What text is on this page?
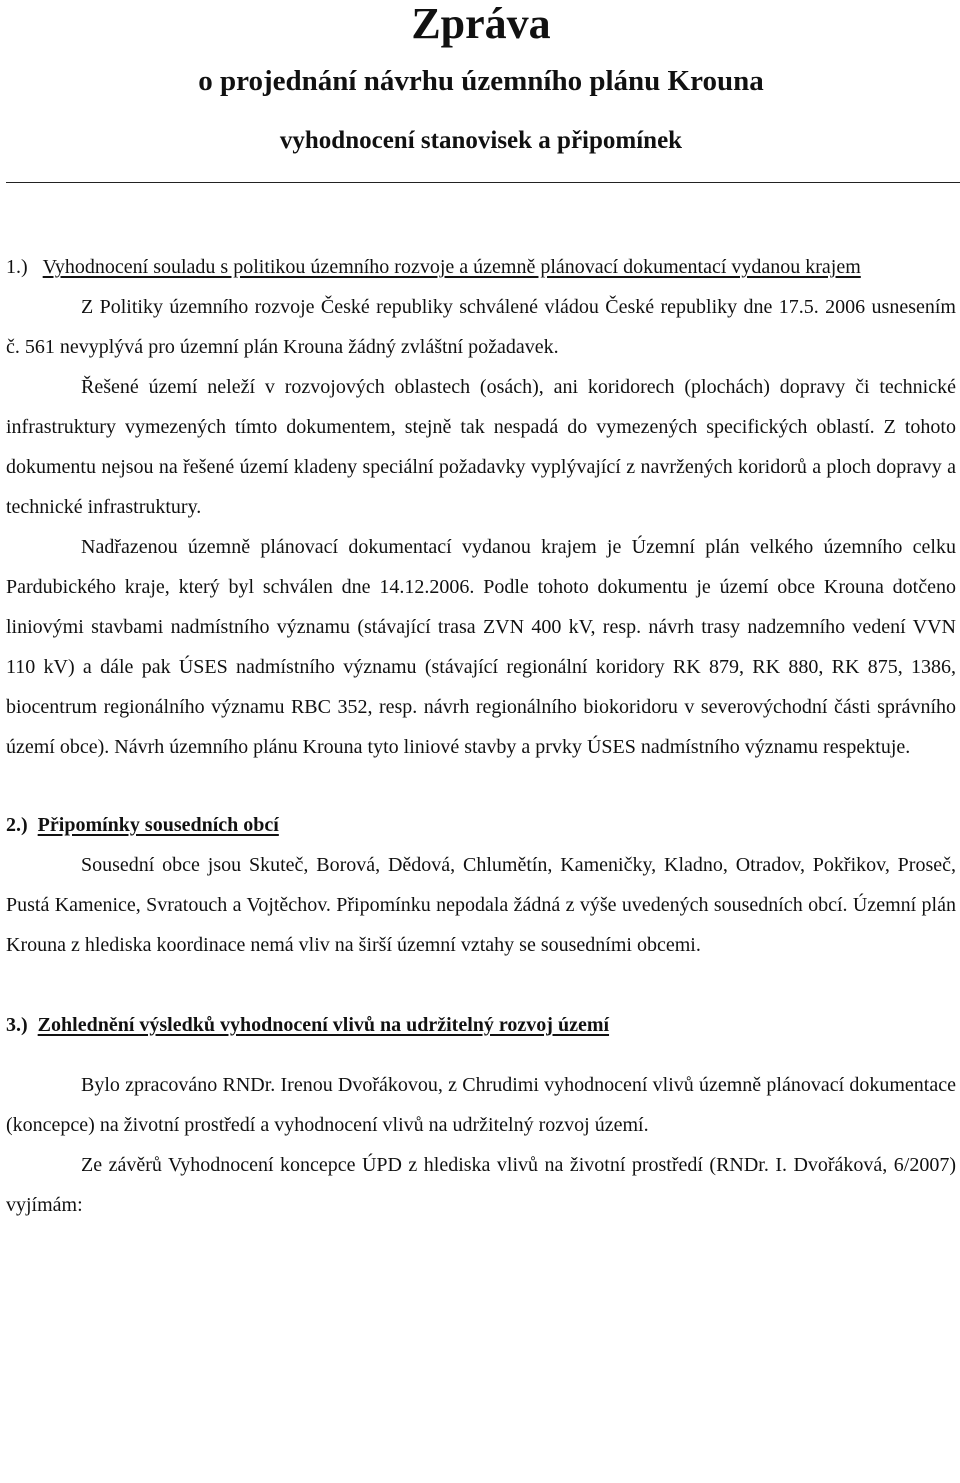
Zpráva
o projednání návrhu územního plánu Krouna
vyhodnocení stanovisek a připomínek
1.) Vyhodnocení souladu s politikou územního rozvoje a územně plánovací dokumentací vydanou krajem

Z Politiky územního rozvoje České republiky schválené vládou České republiky dne 17.5. 2006 usnesením č. 561 nevyplývá pro územní plán Krouna žádný zvláštní požadavek.

Řešené území neleží v rozvojových oblastech (osách), ani koridorech (plochách) dopravy či technické infrastruktury vymezených tímto dokumentem, stejně tak nespadá do vymezených specifických oblastí. Z tohoto dokumentu nejsou na řešené území kladeny speciální požadavky vyplývající z navržených koridorů a ploch dopravy a technické infrastruktury.

Nadřazenou územně plánovací dokumentací vydanou krajem je Územní plán velkého územního celku Pardubického kraje, který byl schválen dne 14.12.2006. Podle tohoto dokumentu je území obce Krouna dotčeno liniovými stavbami nadmístního významu (stávající trasa ZVN 400 kV, resp. návrh trasy nadzemního vedení VVN 110 kV) a dále pak ÚSES nadmístního významu (stávající regionální koridory RK 879, RK 880, RK 875, 1386, biocentrum regionálního významu RBC 352, resp. návrh regionálního biokoridoru v severovýchodní části správního území obce). Návrh územního plánu Krouna tyto liniové stavby a prvky ÚSES nadmístního významu respektuje.

2.) Připomínky sousedních obcí

Sousední obce jsou Skuteč, Borová, Dědová, Chlumětín, Kameničky, Kladno, Otradov, Pokřikov, Proseč, Pustá Kamenice, Svratouch a Vojtěchov. Připomínku nepodala žádná z výše uvedených sousedních obcí. Územní plán Krouna z hlediska koordinace nemá vliv na širší územní vztahy se sousedními obcemi.

3.) Zohlednění výsledků vyhodnocení vlivů na udržitelný rozvoj území

Bylo zpracováno RNDr. Irenou Dvořákovou, z Chrudimi vyhodnocení vlivů územně plánovací dokumentace (koncepce) na životní prostředí a vyhodnocení vlivů na udržitelný rozvoj území.

Ze závěrů Vyhodnocení koncepce ÚPD z hlediska vlivů na životní prostředí (RNDr. I. Dvořáková, 6/2007) vyjímám:
